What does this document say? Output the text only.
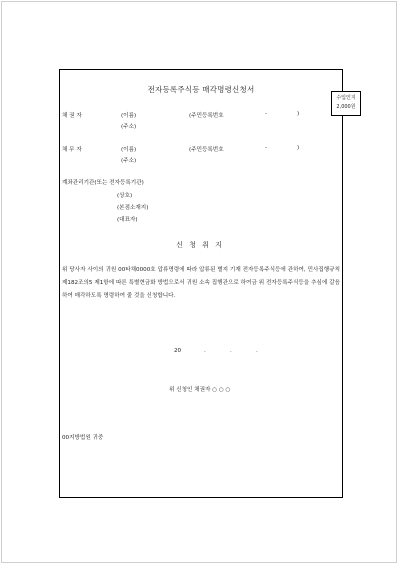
전자등록주식등 매각명령신청서
수입인지
2,000원
채 권 자	(이름)
(주소)
(주민등록번호	-	)
채 무 자	(이름)
(주소)
(주민등록번호	-	)
계좌관리기관(또는 전자등록기관)
(상호)
(본점소재지)
(대표자)
신 청 취 지
위 당사자 사이의 귀원 00타채0000호 압류명령에 따라 압류된 별지 기재 전자등록주식등에 관하여, 민사집행규칙 제182조의5 제1항에 따른 특별현금화 방법으로서 귀원 소속 집행관으로 하여금 위 전자등록주식등을 추심에 갈음하여 매각하도록 명령하여 줄 것을 신청합니다.
20	.	.	.
위 신청인 채권자 ○ ○ ○
00지방법원 귀중
